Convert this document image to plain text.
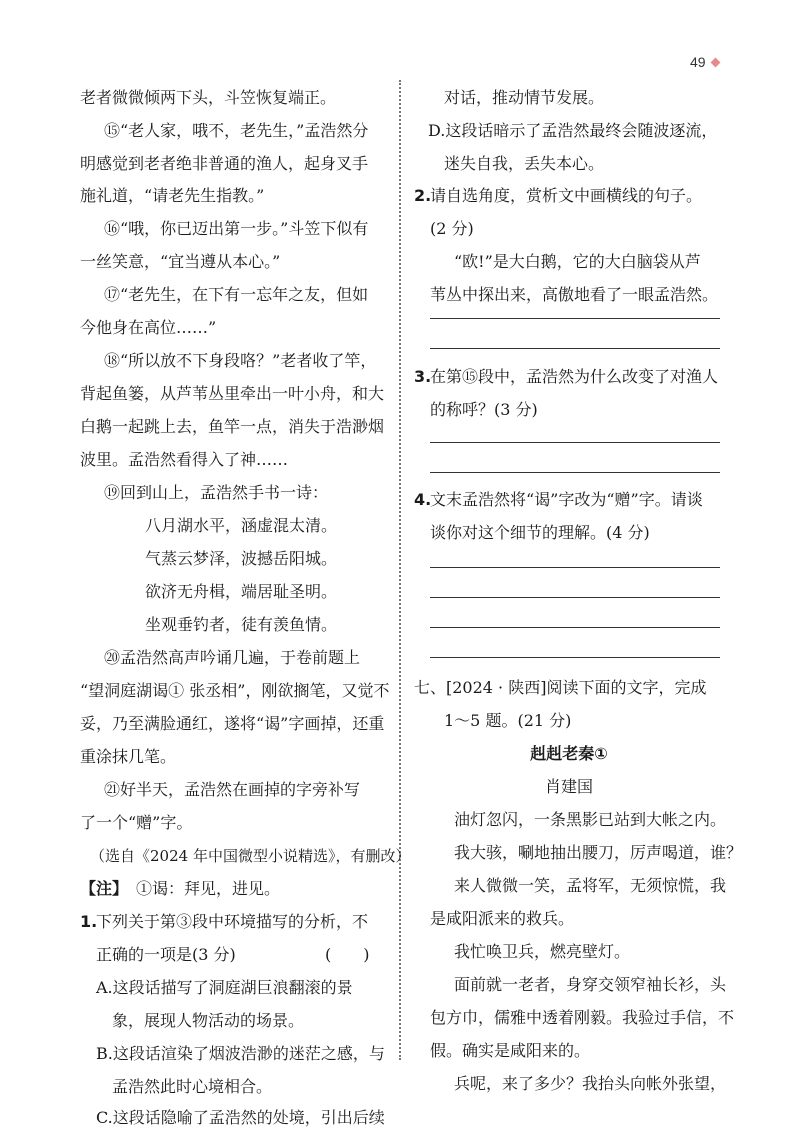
49
老者微微倾两下头，斗笠恢复端正。
⑮“老人家，哦不，老先生，”孟浩然分
明感觉到老者绝非普通的渔人，起身叉手
施礼道，“请老先生指教。”
⑯“哦，你已迈出第一步。”斗笠下似有
一丝笑意，“宜当遵从本心。”
⑰“老先生，在下有一忘年之友，但如
今他身在高位……”
⑱“所以放不下身段咯？”老者收了竿，
背起鱼篓，从芦苇丛里牵出一叶小舟，和大
白鹅一起跳上去，鱼竿一点，消失于浩渺烟
波里。孟浩然看得入了神……
⑲回到山上，孟浩然手书一诗：
八月湖水平，涵虚混太清。
气蒸云梦泽，波撼岳阳城。
欲济无舟楫，端居耻圣明。
坐观垂钓者，徒有羡鱼情。
⑳孟浩然高声吟诵几遍，于卷前题上
“望洞庭湖谒① 张丞相”，刚欲搁笔，又觉不
妥，乃至满脸通红，遂将“谒”字画掉，还重
重涂抹几笔。
㉑好半天，孟浩然在画掉的字旁补写
了一个“赠”字。
（选自《2024 年中国微型小说精选》，有删改）
【注】 ①谒：拜见，进见。
1.
下列关于第③段中环境描写的分析，不
正确的一项是(3 分)	(　　)
A.这段话描写了洞庭湖巨浪翻滚的景
象，展现人物活动的场景。
B.这段话渲染了烟波浩渺的迷茫之感，与
孟浩然此时心境相合。
C.这段话隐喻了孟浩然的处境，引出后续
对话，推动情节发展。
D.这段话暗示了孟浩然最终会随波逐流，
迷失自我，丢失本心。
2.
请自选角度，赏析文中画横线的句子。
(2 分)
“欧!”是大白鹅，它的大白脑袋从芦
苇丛中探出来，高傲地看了一眼孟浩然。
3.
在第⑮段中，孟浩然为什么改变了对渔人
的称呼？(3 分)
4.
文末孟浩然将“谒”字改为“赠”字。请谈
谈你对这个细节的理解。(4 分)
七、[2024 · 陕西]阅读下面的文字，完成
1～5 题。(21 分)
赳赳老秦①
肖建国
油灯忽闪，一条黑影已站到大帐之内。
我大骇，唰地抽出腰刀，厉声喝道，谁？
来人微微一笑，孟将军，无须惊慌，我
是咸阳派来的救兵。
我忙唤卫兵，燃亮壁灯。
面前就一老者，身穿交领窄袖长衫，头
包方巾，儒雅中透着刚毅。我验过手信，不
假。确实是咸阳来的。
兵呢，来了多少？我抬头向帐外张望，
